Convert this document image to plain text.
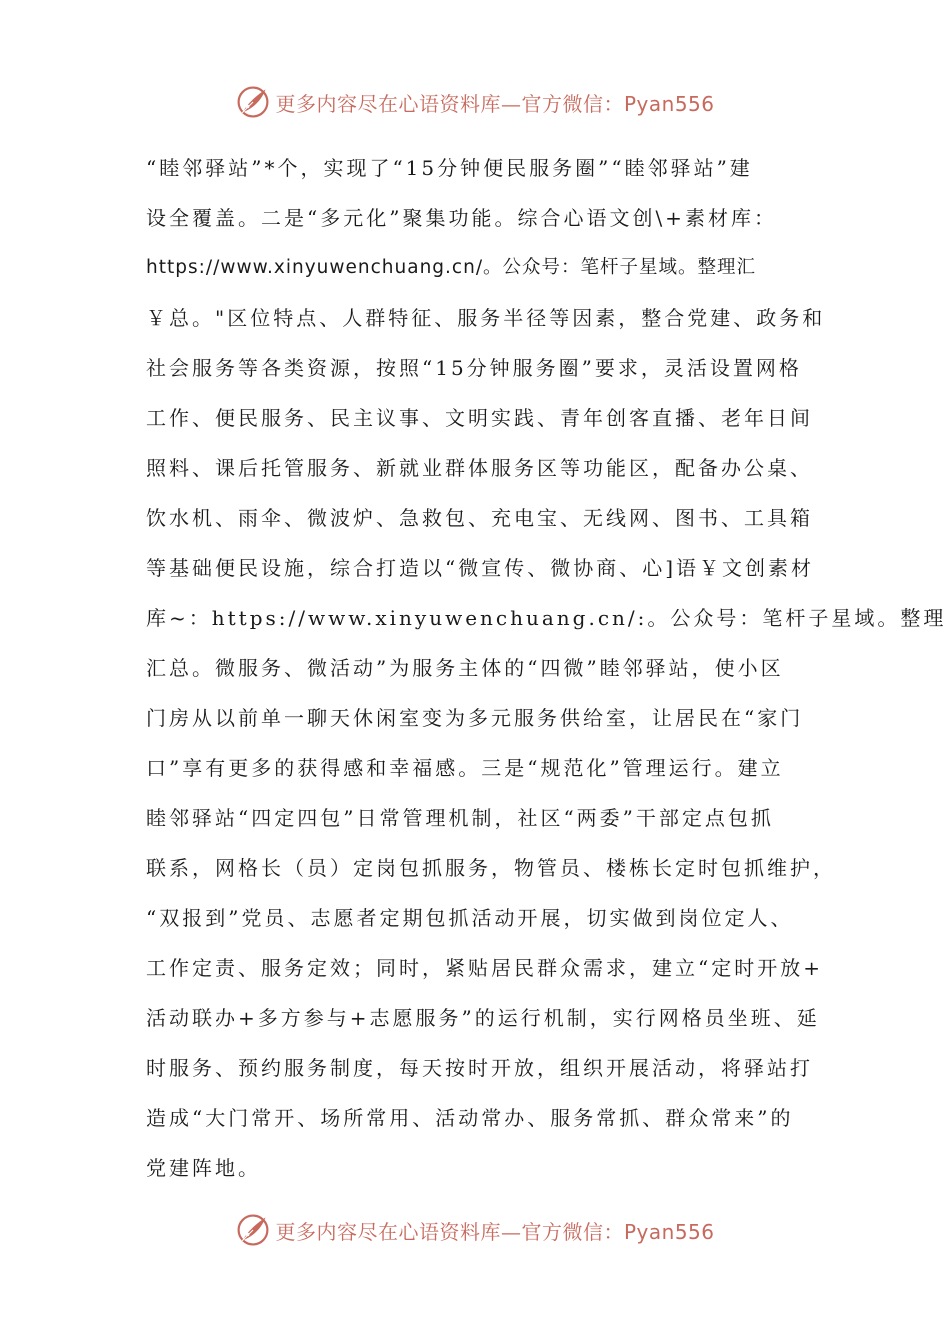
更多内容尽在心语资料库—官方微信：Pyan556
“睦邻驿站”*个，实现了“15分钟便民服务圈”“睦邻驿站”建
设全覆盖。二是“多元化”聚集功能。综合心语文创\+素材库：
https://www.xinyuwenchuang.cn/。公众号：笔杆子星域。整理汇
￥总。"区位特点、人群特征、服务半径等因素，整合党建、政务和
社会服务等各类资源，按照“15分钟服务圈”要求，灵活设置网格
工作、便民服务、民主议事、文明实践、青年创客直播、老年日间
照料、课后托管服务、新就业群体服务区等功能区，配备办公桌、
饮水机、雨伞、微波炉、急救包、充电宝、无线网、图书、工具箱
等基础便民设施，综合打造以“微宣传、微协商、心]语￥文创素材
库~：https://www.xinyuwenchuang.cn/:。公众号：笔杆子星域。整理
汇总。微服务、微活动”为服务主体的“四微”睦邻驿站，使小区
门房从以前单一聊天休闲室变为多元服务供给室，让居民在“家门
口”享有更多的获得感和幸福感。三是“规范化”管理运行。建立
睦邻驿站“四定四包”日常管理机制，社区“两委”干部定点包抓
联系，网格长（员）定岗包抓服务，物管员、楼栋长定时包抓维护，
“双报到”党员、志愿者定期包抓活动开展，切实做到岗位定人、
工作定责、服务定效；同时，紧贴居民群众需求，建立“定时开放+
活动联办+多方参与+志愿服务”的运行机制，实行网格员坐班、延
时服务、预约服务制度，每天按时开放，组织开展活动，将驿站打
造成“大门常开、场所常用、活动常办、服务常抓、群众常来”的
党建阵地。
更多内容尽在心语资料库—官方微信：Pyan556
